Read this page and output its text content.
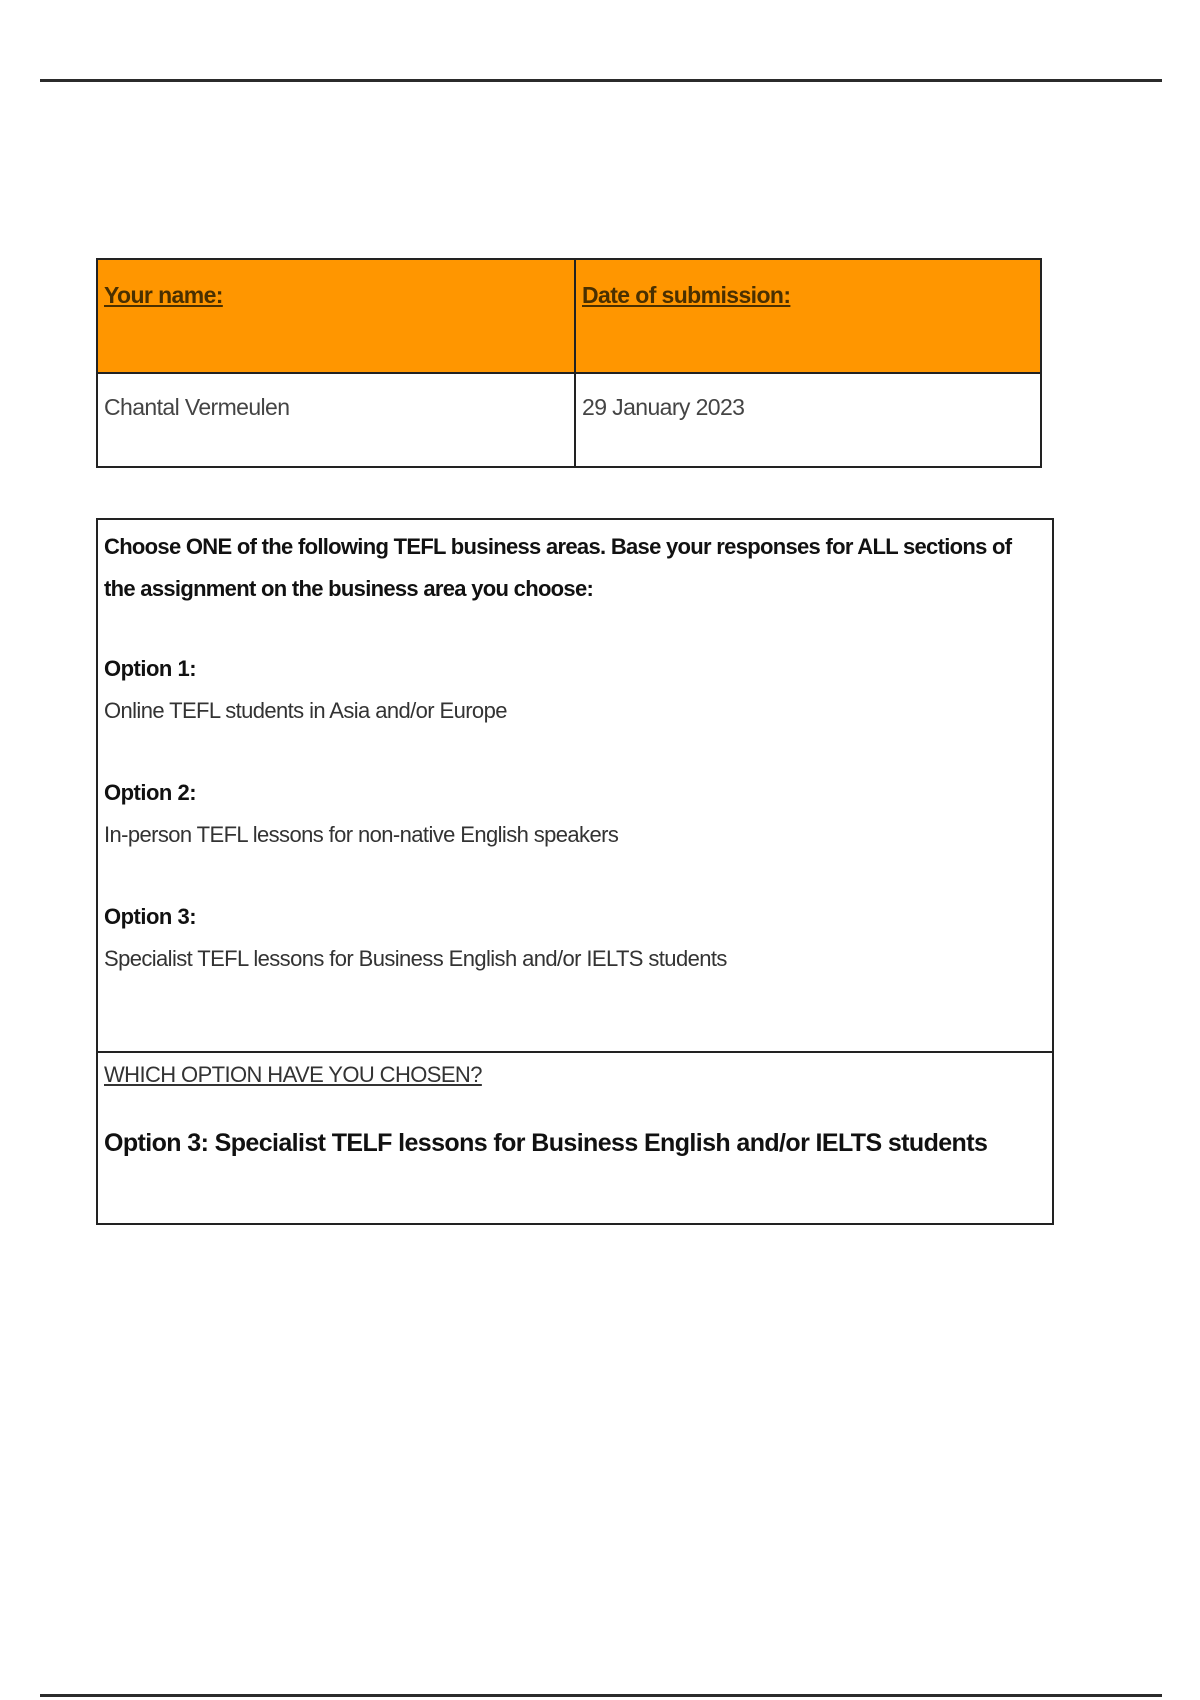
Your name:	Date of submission:
Chantal Vermeulen	29 January 2023

Choose ONE of the following TEFL business areas. Base your responses for ALL sections of the assignment on the business area you choose:

Option 1:
Online TEFL students in Asia and/or Europe
Option 2:
In-person TEFL lessons for non-native English speakers
Option 3:
Specialist TEFL lessons for Business English and/or IELTS students
WHICH OPTION HAVE YOU CHOSEN?
Option 3: Specialist TELF lessons for Business English and/or IELTS students
